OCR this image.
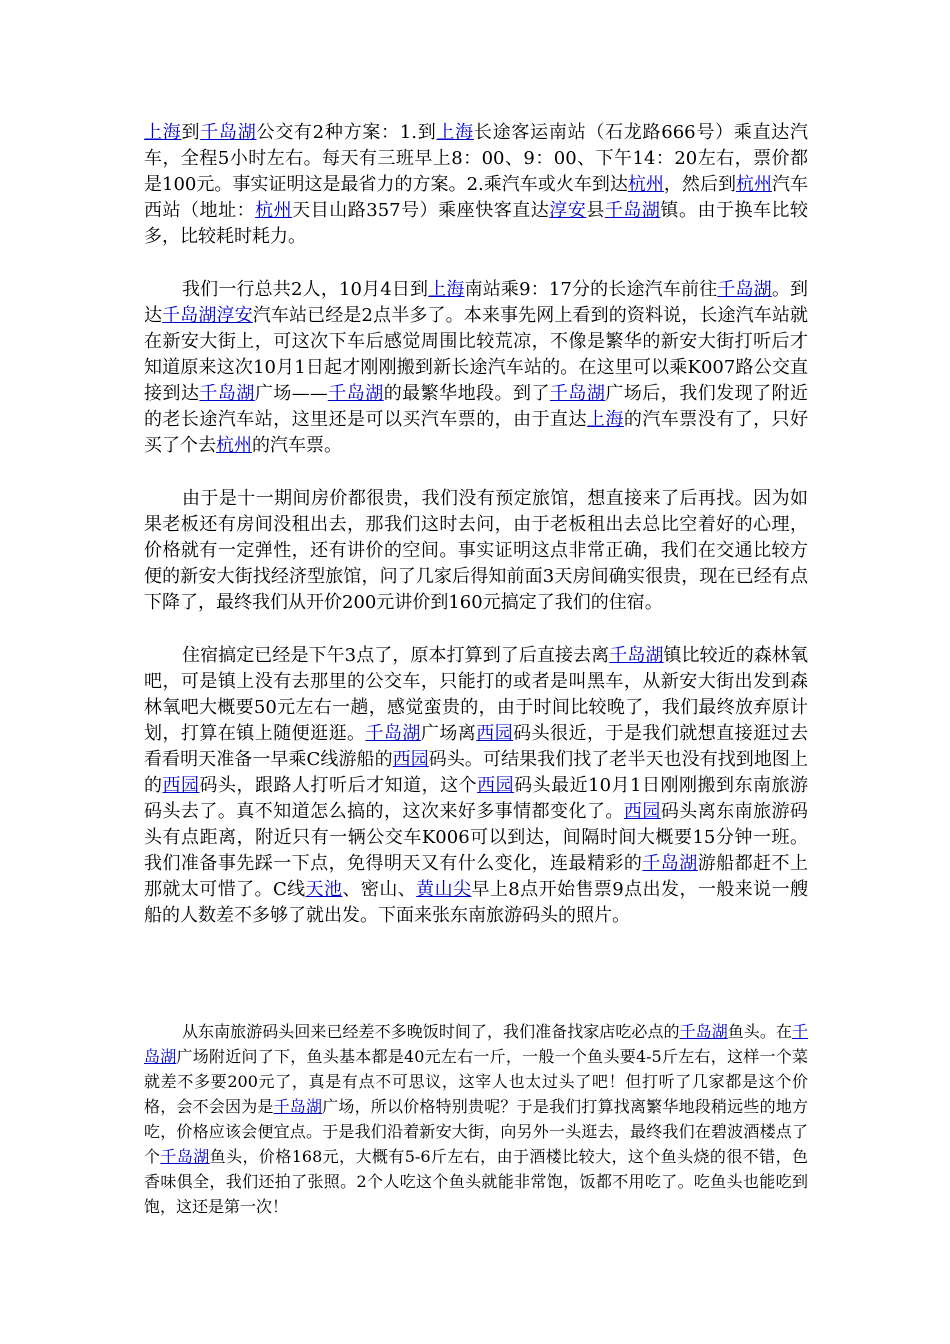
上海到千岛湖公交有2种方案：1.到上海长途客运南站（石龙路666号）乘直达汽车，全程5小时左右。每天有三班早上8：00、9：00、下午14：20左右，票价都是100元。事实证明这是最省力的方案。2.乘汽车或火车到达杭州，然后到杭州汽车西站（地址：杭州天目山路357号）乘座快客直达淳安县千岛湖镇。由于换车比较多，比较耗时耗力。

我们一行总共2人，10月4日到上海南站乘9：17分的长途汽车前往千岛湖。到达千岛湖淳安汽车站已经是2点半多了。本来事先网上看到的资料说，长途汽车站就在新安大街上，可这次下车后感觉周围比较荒凉，不像是繁华的新安大街打听后才知道原来这次10月1日起才刚刚搬到新长途汽车站的。在这里可以乘K007路公交直接到达千岛湖广场——千岛湖的最繁华地段。到了千岛湖广场后，我们发现了附近的老长途汽车站，这里还是可以买汽车票的，由于直达上海的汽车票没有了，只好买了个去杭州的汽车票。

由于是十一期间房价都很贵，我们没有预定旅馆，想直接来了后再找。因为如果老板还有房间没租出去，那我们这时去问，由于老板租出去总比空着好的心理，价格就有一定弹性，还有讲价的空间。事实证明这点非常正确，我们在交通比较方便的新安大街找经济型旅馆，问了几家后得知前面3天房间确实很贵，现在已经有点下降了，最终我们从开价200元讲价到160元搞定了我们的住宿。

住宿搞定已经是下午3点了，原本打算到了后直接去离千岛湖镇比较近的森林氧吧，可是镇上没有去那里的公交车，只能打的或者是叫黑车，从新安大街出发到森林氧吧大概要50元左右一趟，感觉蛮贵的，由于时间比较晚了，我们最终放弃原计划，打算在镇上随便逛逛。千岛湖广场离西园码头很近，于是我们就想直接逛过去看看明天准备一早乘C线游船的西园码头。可结果我们找了老半天也没有找到地图上的西园码头，跟路人打听后才知道，这个西园码头最近10月1日刚刚搬到东南旅游码头去了。真不知道怎么搞的，这次来好多事情都变化了。西园码头离东南旅游码头有点距离，附近只有一辆公交车K006可以到达，间隔时间大概要15分钟一班。我们准备事先踩一下点，免得明天又有什么变化，连最精彩的千岛湖游船都赶不上那就太可惜了。C线天池、密山、黄山尖早上8点开始售票9点出发，一般来说一艘船的人数差不多够了就出发。下面来张东南旅游码头的照片。

从东南旅游码头回来已经差不多晚饭时间了，我们准备找家店吃必点的千岛湖鱼头。在千岛湖广场附近问了下，鱼头基本都是40元左右一斤，一般一个鱼头要4-5斤左右，这样一个菜就差不多要200元了，真是有点不可思议，这宰人也太过头了吧！但打听了几家都是这个价格，会不会因为是千岛湖广场，所以价格特别贵呢？于是我们打算找离繁华地段稍远些的地方吃，价格应该会便宜点。于是我们沿着新安大街，向另外一头逛去，最终我们在碧波酒楼点了个千岛湖鱼头，价格168元，大概有5-6斤左右，由于酒楼比较大，这个鱼头烧的很不错，色香味俱全，我们还拍了张照。2个人吃这个鱼头就能非常饱，饭都不用吃了。吃鱼头也能吃到饱，这还是第一次！
